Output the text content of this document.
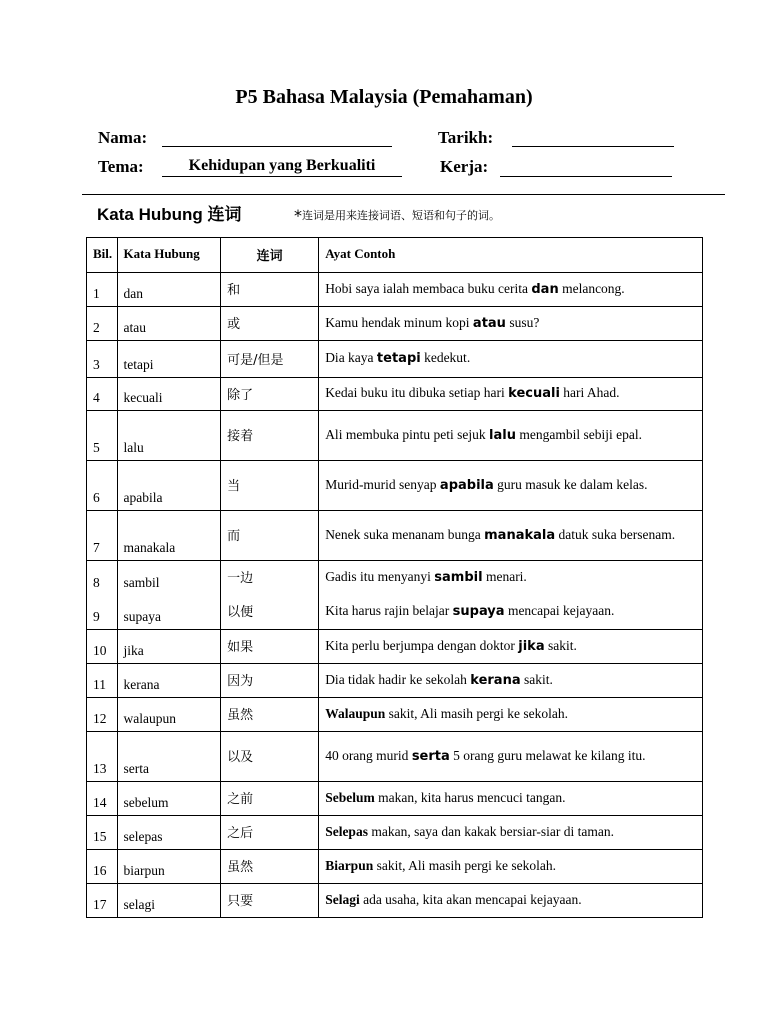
P5 Bahasa Malaysia (Pemahaman)
Nama:	Tarikh:
Tema:	Kehidupan yang Berkualiti	Kerja:
Kata Hubung 连词	*连词是用来连接词语、短语和句子的词。
Bil.	Kata Hubung	连词	Ayat Contoh
1	dan	和	Hobi saya ialah membaca buku cerita dan melancong.
2	atau	或	Kamu hendak minum kopi atau susu?
3	tetapi	可是/但是	Dia kaya tetapi kedekut.
4	kecuali	除了	Kedai buku itu dibuka setiap hari kecuali hari Ahad.
5	lalu	接着	Ali membuka pintu peti sejuk lalu mengambil sebiji epal.
6	apabila	当	Murid-murid senyap apabila guru masuk ke dalam kelas.
7	manakala	而	Nenek suka menanam bunga manakala datuk suka bersenam.
8	sambil	一边	Gadis itu menyanyi sambil menari.
9	supaya	以便	Kita harus rajin belajar supaya mencapai kejayaan.
10	jika	如果	Kita perlu berjumpa dengan doktor jika sakit.
11	kerana	因为	Dia tidak hadir ke sekolah kerana sakit.
12	walaupun	虽然	Walaupun sakit, Ali masih pergi ke sekolah.
13	serta	以及	40 orang murid serta 5 orang guru melawat ke kilang itu.
14	sebelum	之前	Sebelum makan, kita harus mencuci tangan.
15	selepas	之后	Selepas makan, saya dan kakak bersiar-siar di taman.
16	biarpun	虽然	Biarpun sakit, Ali masih pergi ke sekolah.
17	selagi	只要	Selagi ada usaha, kita akan mencapai kejayaan.
